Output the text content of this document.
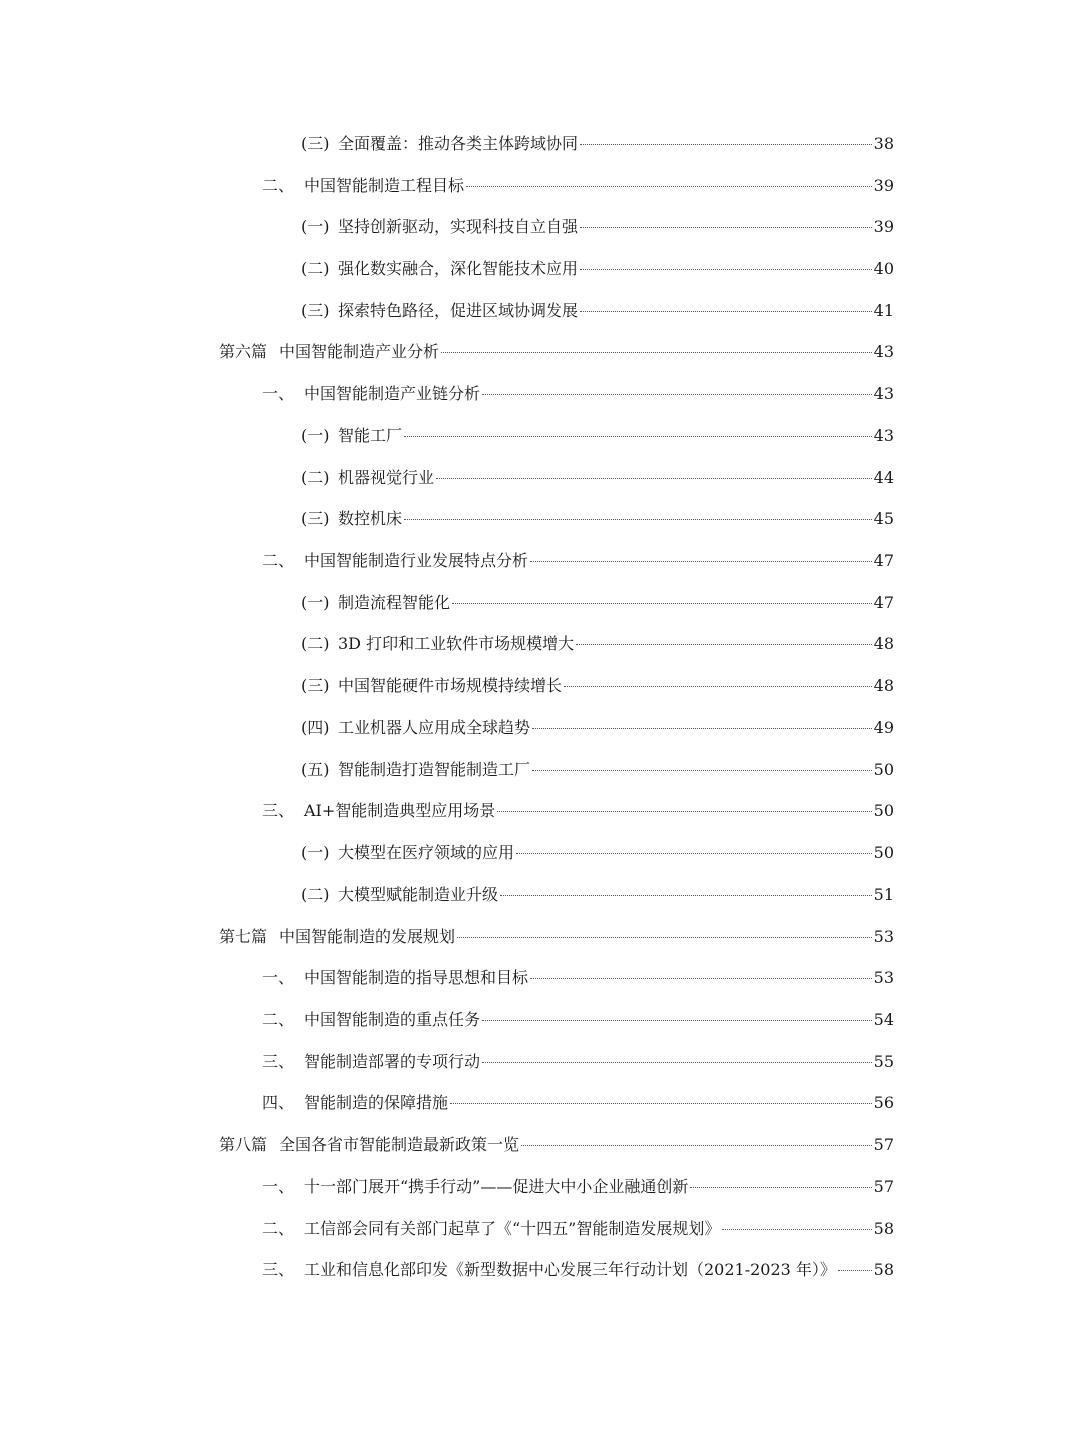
(三) 全面覆盖：推动各类主体跨域协同	38
二、 中国智能制造工程目标	39
(一) 坚持创新驱动，实现科技自立自强	39
(二) 强化数实融合，深化智能技术应用	40
(三) 探索特色路径，促进区域协调发展	41
第六篇 中国智能制造产业分析	43
一、 中国智能制造产业链分析	43
(一) 智能工厂	43
(二) 机器视觉行业	44
(三) 数控机床	45
二、 中国智能制造行业发展特点分析	47
(一) 制造流程智能化	47
(二) 3D 打印和工业软件市场规模增大	48
(三) 中国智能硬件市场规模持续增长	48
(四) 工业机器人应用成全球趋势	49
(五) 智能制造打造智能制造工厂	50
三、 AI+智能制造典型应用场景	50
(一) 大模型在医疗领域的应用	50
(二) 大模型赋能制造业升级	51
第七篇 中国智能制造的发展规划	53
一、 中国智能制造的指导思想和目标	53
二、 中国智能制造的重点任务	54
三、 智能制造部署的专项行动	55
四、 智能制造的保障措施	56
第八篇 全国各省市智能制造最新政策一览	57
一、 十一部门展开“携手行动”——促进大中小企业融通创新	57
二、 工信部会同有关部门起草了《“十四五”智能制造发展规划》	58
三、 工业和信息化部印发《新型数据中心发展三年行动计划（2021-2023 年）》 58
